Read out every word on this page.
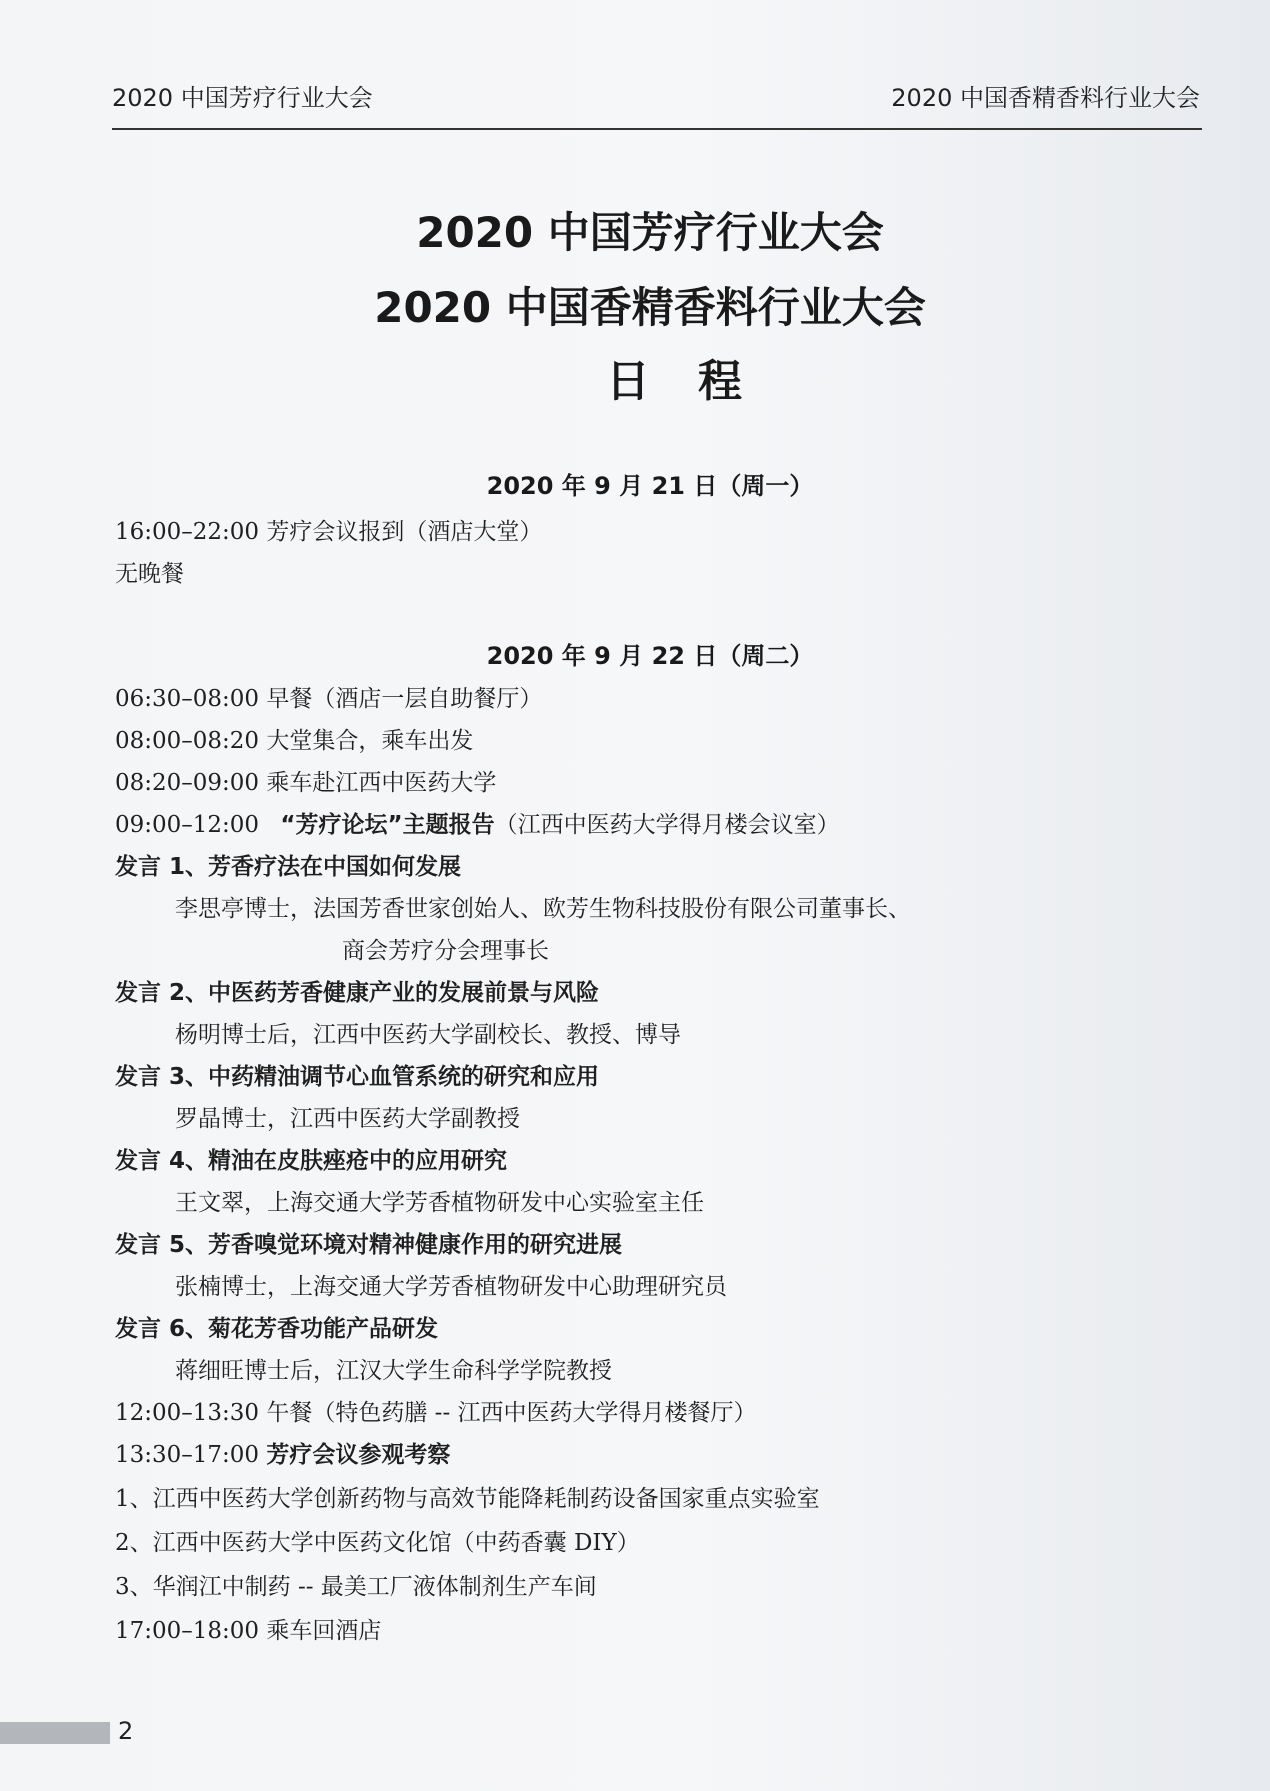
2020 中国芳疗行业大会	2020 中国香精香料行业大会
2020 中国芳疗行业大会
2020 中国香精香料行业大会
日程
2020 年 9 月 21 日（周一）
16:00–22:00 芳疗会议报到（酒店大堂）
无晚餐
2020 年 9 月 22 日（周二）
06:30–08:00 早餐（酒店一层自助餐厅）
08:00–08:20 大堂集合，乘车出发
08:20–09:00 乘车赴江西中医药大学
09:00–12:00 “芳疗论坛”主题报告（江西中医药大学得月楼会议室）
发言 1、芳香疗法在中国如何发展
李思亭博士，法国芳香世家创始人、欧芳生物科技股份有限公司董事长、
商会芳疗分会理事长
发言 2、中医药芳香健康产业的发展前景与风险
杨明博士后，江西中医药大学副校长、教授、博导
发言 3、中药精油调节心血管系统的研究和应用
罗晶博士，江西中医药大学副教授
发言 4、精油在皮肤痤疮中的应用研究
王文翠，上海交通大学芳香植物研发中心实验室主任
发言 5、芳香嗅觉环境对精神健康作用的研究进展
张楠博士，上海交通大学芳香植物研发中心助理研究员
发言 6、菊花芳香功能产品研发
蒋细旺博士后，江汉大学生命科学学院教授
12:00–13:30 午餐（特色药膳 -- 江西中医药大学得月楼餐厅）
13:30–17:00 芳疗会议参观考察
1、江西中医药大学创新药物与高效节能降耗制药设备国家重点实验室
2、江西中医药大学中医药文化馆（中药香囊 DIY）
3、华润江中制药 -- 最美工厂液体制剂生产车间
17:00–18:00 乘车回酒店
2
